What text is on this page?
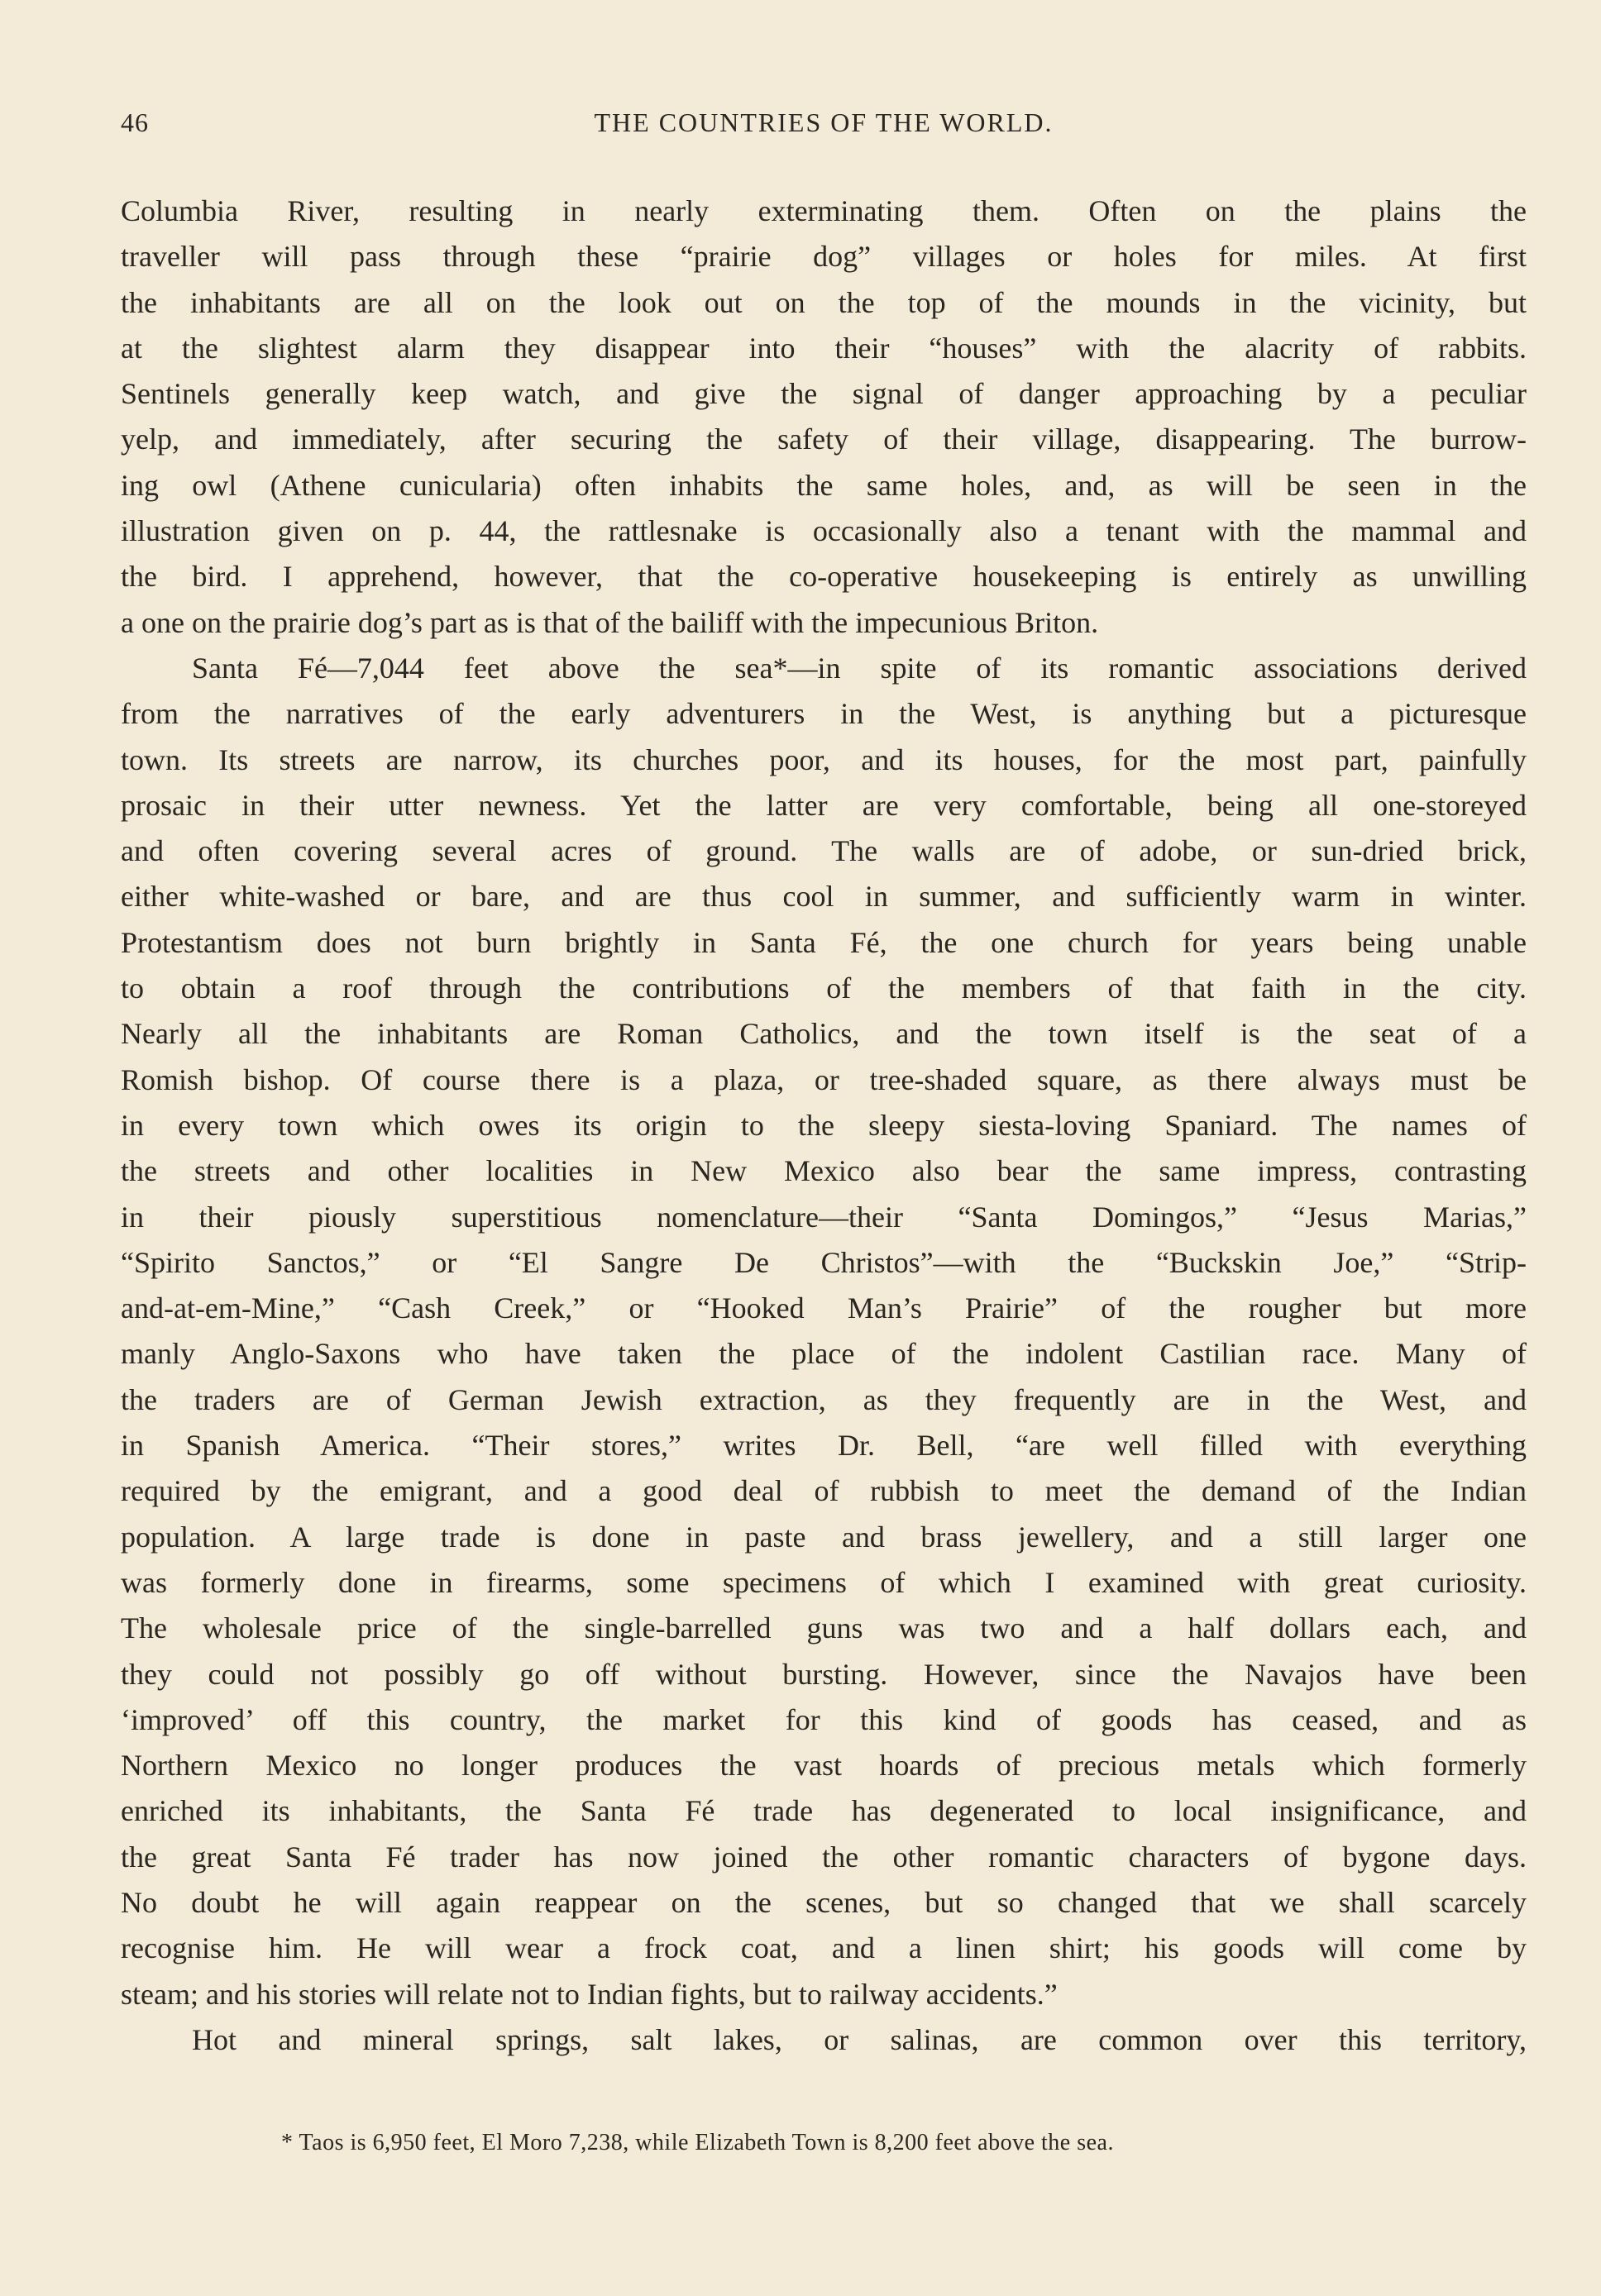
46	THE COUNTRIES OF THE WORLD.
Columbia River, resulting in nearly exterminating them. Often on the plains the
traveller will pass through these “prairie dog” villages or holes for miles. At first
the inhabitants are all on the look out on the top of the mounds in the vicinity, but
at the slightest alarm they disappear into their “houses” with the alacrity of rabbits.
Sentinels generally keep watch, and give the signal of danger approaching by a peculiar
yelp, and immediately, after securing the safety of their village, disappearing. The burrow-
ing owl (Athene cunicularia) often inhabits the same holes, and, as will be seen in the
illustration given on p. 44, the rattlesnake is occasionally also a tenant with the mammal and
the bird. I apprehend, however, that the co-operative housekeeping is entirely as unwilling
a one on the prairie dog’s part as is that of the bailiff with the impecunious Briton.
Santa Fé—7,044 feet above the sea*—in spite of its romantic associations derived
from the narratives of the early adventurers in the West, is anything but a picturesque
town. Its streets are narrow, its churches poor, and its houses, for the most part, painfully
prosaic in their utter newness. Yet the latter are very comfortable, being all one-storeyed
and often covering several acres of ground. The walls are of adobe, or sun-dried brick,
either white-washed or bare, and are thus cool in summer, and sufficiently warm in winter.
Protestantism does not burn brightly in Santa Fé, the one church for years being unable
to obtain a roof through the contributions of the members of that faith in the city.
Nearly all the inhabitants are Roman Catholics, and the town itself is the seat of a
Romish bishop. Of course there is a plaza, or tree-shaded square, as there always must be
in every town which owes its origin to the sleepy siesta-loving Spaniard. The names of
the streets and other localities in New Mexico also bear the same impress, contrasting
in their piously superstitious nomenclature—their “Santa Domingos,” “Jesus Marias,”
“Spirito Sanctos,” or “El Sangre De Christos”—with the “Buckskin Joe,” “Strip-
and-at-em-Mine,” “Cash Creek,” or “Hooked Man’s Prairie” of the rougher but more
manly Anglo-Saxons who have taken the place of the indolent Castilian race. Many of
the traders are of German Jewish extraction, as they frequently are in the West, and
in Spanish America. “Their stores,” writes Dr. Bell, “are well filled with everything
required by the emigrant, and a good deal of rubbish to meet the demand of the Indian
population. A large trade is done in paste and brass jewellery, and a still larger one
was formerly done in firearms, some specimens of which I examined with great curiosity.
The wholesale price of the single-barrelled guns was two and a half dollars each, and
they could not possibly go off without bursting. However, since the Navajos have been
‘improved’ off this country, the market for this kind of goods has ceased, and as
Northern Mexico no longer produces the vast hoards of precious metals which formerly
enriched its inhabitants, the Santa Fé trade has degenerated to local insignificance, and
the great Santa Fé trader has now joined the other romantic characters of bygone days.
No doubt he will again reappear on the scenes, but so changed that we shall scarcely
recognise him. He will wear a frock coat, and a linen shirt; his goods will come by
steam; and his stories will relate not to Indian fights, but to railway accidents.”
Hot and mineral springs, salt lakes, or salinas, are common over this territory,
* Taos is 6,950 feet, El Moro 7,238, while Elizabeth Town is 8,200 feet above the sea.
